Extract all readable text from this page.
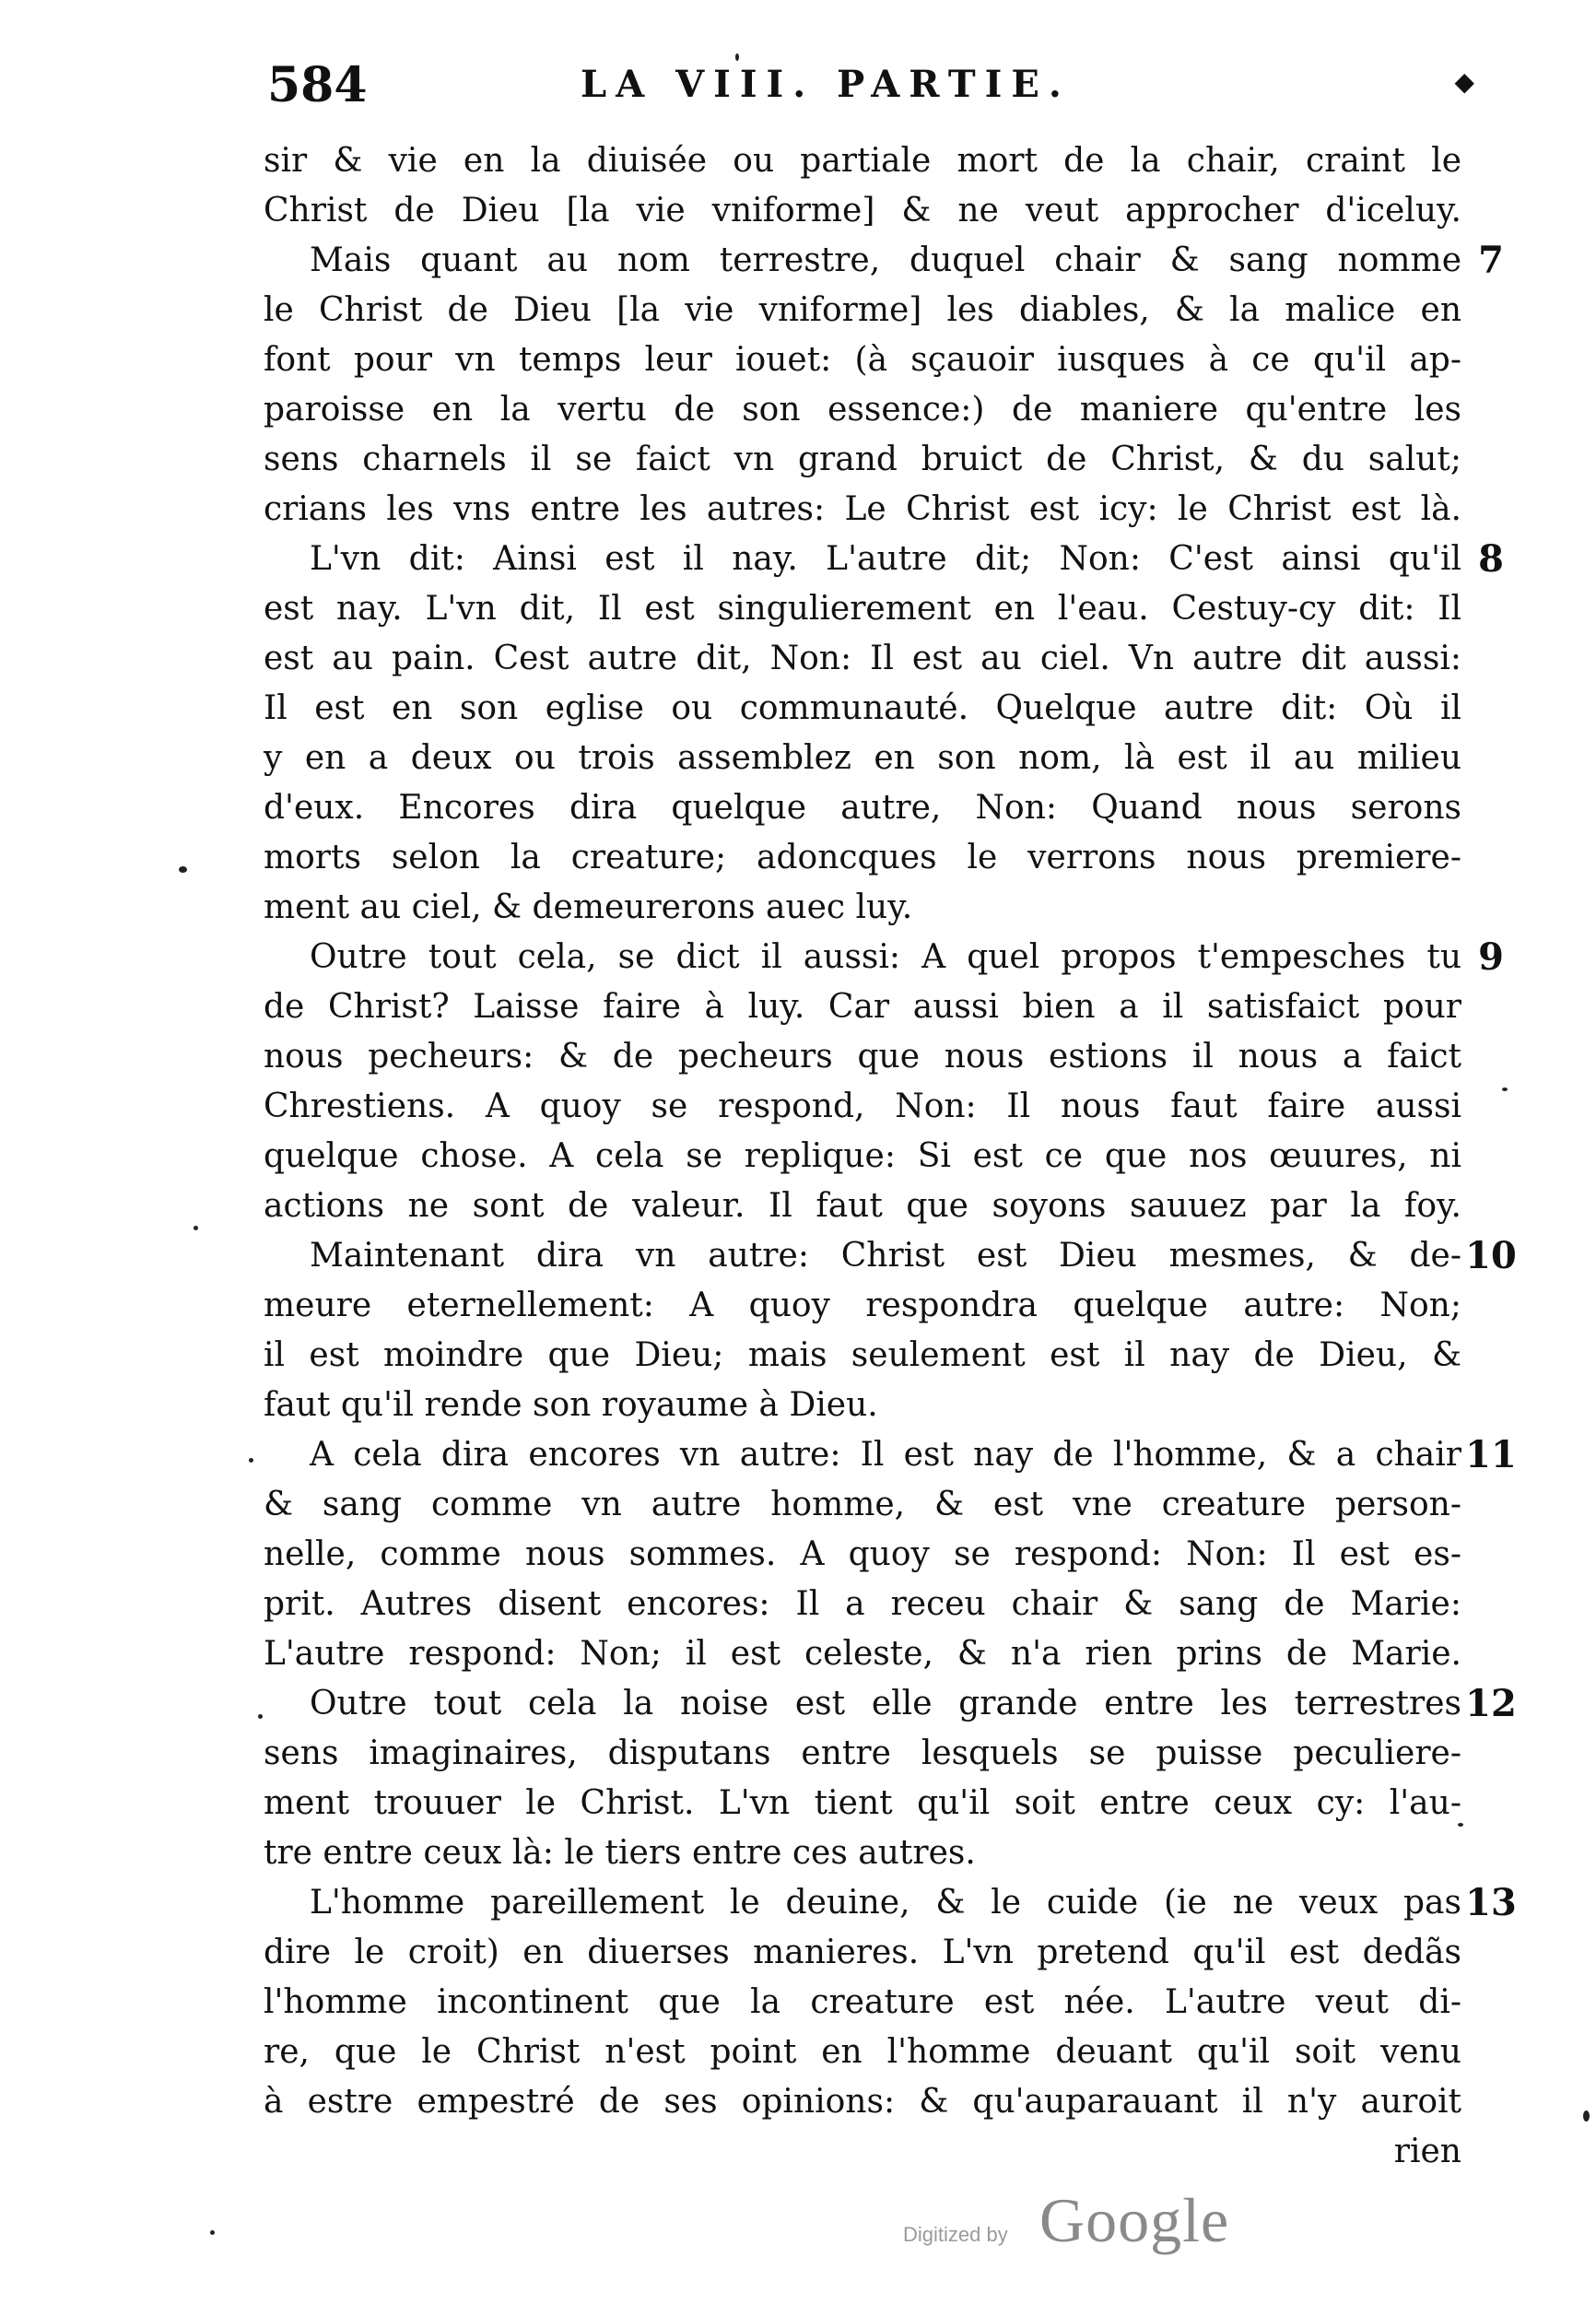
584	LA VIII. PARTIE.	◆
sir & vie en la diuisée ou partiale mort de la chair, craint le
Christ de Dieu [la vie vniforme] & ne veut approcher d'iceluy.
Mais quant au nom terrestre, duquel chair & sang nomme
le Christ de Dieu [la vie vniforme] les diables, & la malice en
font pour vn temps leur iouet: (à sçauoir iusques à ce qu'il ap-
paroisse en la vertu de son essence:) de maniere qu'entre les
sens charnels il se faict vn grand bruict de Christ, & du salut;
crians les vns entre les autres: Le Christ est icy: le Christ est là.
L'vn dit: Ainsi est il nay. L'autre dit; Non: C'est ainsi qu'il
est nay. L'vn dit, Il est singulierement en l'eau. Cestuy-cy dit: Il
est au pain. Cest autre dit, Non: Il est au ciel. Vn autre dit aussi:
Il est en son eglise ou communauté. Quelque autre dit: Où il
y en a deux ou trois assemblez en son nom, là est il au milieu
d'eux. Encores dira quelque autre, Non: Quand nous serons
morts selon la creature; adoncques le verrons nous premiere-
ment au ciel, & demeurerons auec luy.
Outre tout cela, se dict il aussi: A quel propos t'empesches tu
de Christ? Laisse faire à luy. Car aussi bien a il satisfaict pour
nous pecheurs: & de pecheurs que nous estions il nous a faict
Chrestiens. A quoy se respond, Non: Il nous faut faire aussi
quelque chose. A cela se replique: Si est ce que nos œuures, ni
actions ne sont de valeur. Il faut que soyons sauuez par la foy.
Maintenant dira vn autre: Christ est Dieu mesmes, & de-
meure eternellement: A quoy respondra quelque autre: Non;
il est moindre que Dieu; mais seulement est il nay de Dieu, &
faut qu'il rende son royaume à Dieu.
A cela dira encores vn autre: Il est nay de l'homme, & a chair
& sang comme vn autre homme, & est vne creature person-
nelle, comme nous sommes. A quoy se respond: Non: Il est es-
prit. Autres disent encores: Il a receu chair & sang de Marie:
L'autre respond: Non; il est celeste, & n'a rien prins de Marie.
Outre tout cela la noise est elle grande entre les terrestres
sens imaginaires, disputans entre lesquels se puisse peculiere-
ment trouuer le Christ. L'vn tient qu'il soit entre ceux cy: l'au-
tre entre ceux là: le tiers entre ces autres.
L'homme pareillement le deuine, & le cuide (ie ne veux pas
dire le croit) en diuerses manieres. L'vn pretend qu'il est dedãs
l'homme incontinent que la creature est née. L'autre veut di-
re, que le Christ n'est point en l'homme deuant qu'il soit venu
à estre empestré de ses opinions: & qu'auparauant il n'y auroit
rien
7
8
9
10
11
12
13
Digitized by Google
